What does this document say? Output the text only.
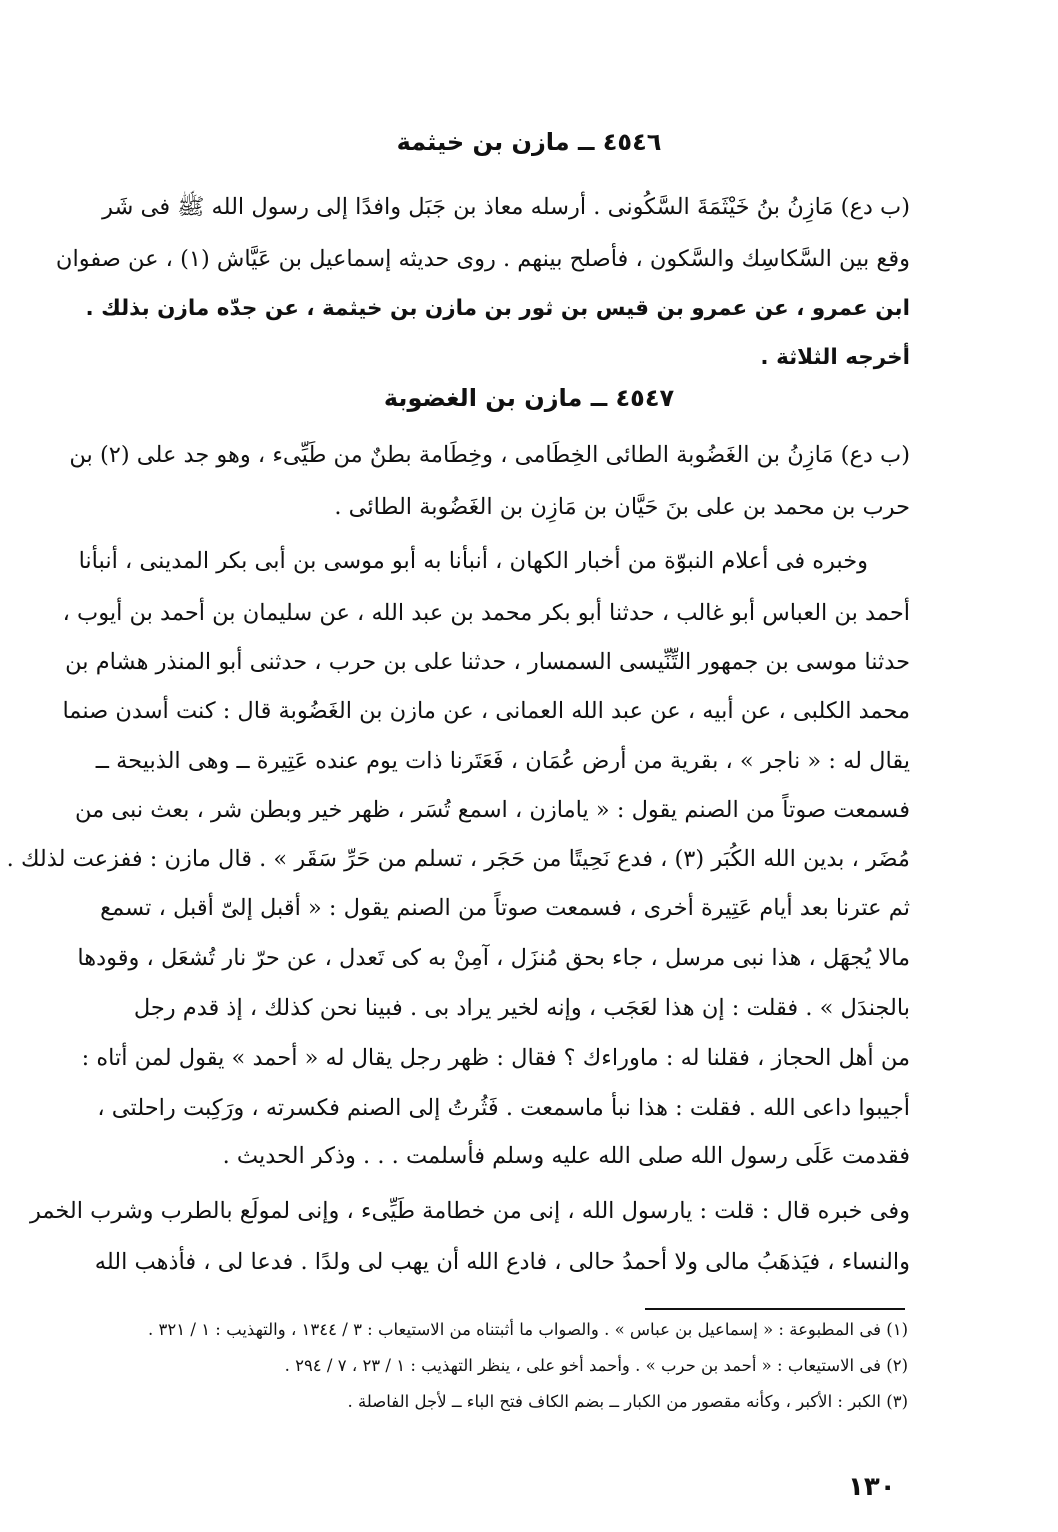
٤٥٤٦ ــ مازن بن خيثمة
(ب دع) مَازِنُ بنُ خَيْثَمَةَ السَّكُونى . أرسله معاذ بن جَبَل وافدًا إلى رسول الله ﷺ فى شَر
وقع بين السَّكاسِك والسَّكون ، فأصلح بينهم . روى حديثه إسماعيل بن عَيَّاش (١) ، عن صفوان
ابن عمرو ، عن عمرو بن قيس بن ثور بن مازن بن خيثمة ، عن جدّه مازن بذلك .
أخرجه الثلاثة .
٤٥٤٧ ــ مازن بن الغضوبة
(ب دع) مَازِنُ بن الغَضُوبة الطائى الخِطَامى ، وخِطَامة بطنٌ من طَيِّىء ، وهو جد على (٢) بن
حرب بن محمد بن على بنَ حَيَّان بن مَازِن بن الغَضُوبة الطائى .
وخبره فى أعلام النبوّة من أخبار الكهان ، أنبأنا به أبو موسى بن أبى بكر المدينى ، أنبأنا
أحمد بن العباس أبو غالب ، حدثنا أبو بكر محمد بن عبد الله ، عن سليمان بن أحمد بن أيوب ،
حدثنا موسى بن جمهور التِّنِّيسى السمسار ، حدثنا على بن حرب ، حدثنى أبو المنذر هشام بن
محمد الكلبى ، عن أبيه ، عن عبد الله العمانى ، عن مازن بن الغَضُوبة قال : كنت أسدن صنما
يقال له : « ناجر » ، بقرية من أرض عُمَان ، فَعَتَرنا ذات يوم عنده عَتِيرة ــ وهى الذبيحة ــ
فسمعت صوتاً من الصنم يقول : « يامازن ، اسمع تُسَر ، ظهر خير وبطن شر ، بعث نبى من
مُضَر ، بدين الله الكُبَر (٣) ، فدع نَحِيتًا من حَجَر ، تسلم من حَرِّ سَقَر » . قال مازن : ففزعت لذلك .
ثم عترنا بعد أيام عَتِيرة أخرى ، فسمعت صوتاً من الصنم يقول : « أقبل إلىّ أقبل ، تسمع
مالا يُجهَل ، هذا نبى مرسل ، جاء بحق مُنزَل ، آمِنْ به كى تَعدل ، عن حرّ نار تُشعَل ، وقودها
بالجندَل » . فقلت : إن هذا لعَجَب ، وإنه لخير يراد بى . فبينا نحن كذلك ، إذ قدم رجل
من أهل الحجاز ، فقلنا له : ماوراءك ؟ فقال : ظهر رجل يقال له « أحمد » يقول لمن أتاه :
أجيبوا داعى الله . فقلت : هذا نبأ ماسمعت . فَثُرتُ إلى الصنم فكسرته ، ورَكِبت راحلتى ،
فقدمت عَلَى رسول الله صلى الله عليه وسلم فأسلمت . . . وذكر الحديث .
وفى خبره قال : قلت : يارسول الله ، إنى من خطامة طَيِّىء ، وإنى لمولَع بالطرب وشرب الخمر
والنساء ، فيَذهَبُ مالى ولا أحمدُ حالى ، فادع الله أن يهب لى ولدًا . فدعا لى ، فأذهب الله
(١) فى المطبوعة : « إسماعيل بن عباس » . والصواب ما أثبتناه من الاستيعاب : ٣ / ١٣٤٤ ، والتهذيب : ١ / ٣٢١ .
(٢) فى الاستيعاب : « أحمد بن حرب » . وأحمد أخو على ، ينظر التهذيب : ١ / ٢٣ ، ٧ / ٢٩٤ .
(٣) الكبر : الأكبر ، وكأنه مقصور من الكبار ــ بضم الكاف فتح الباء ــ لأجل الفاصلة .
١٣٠
